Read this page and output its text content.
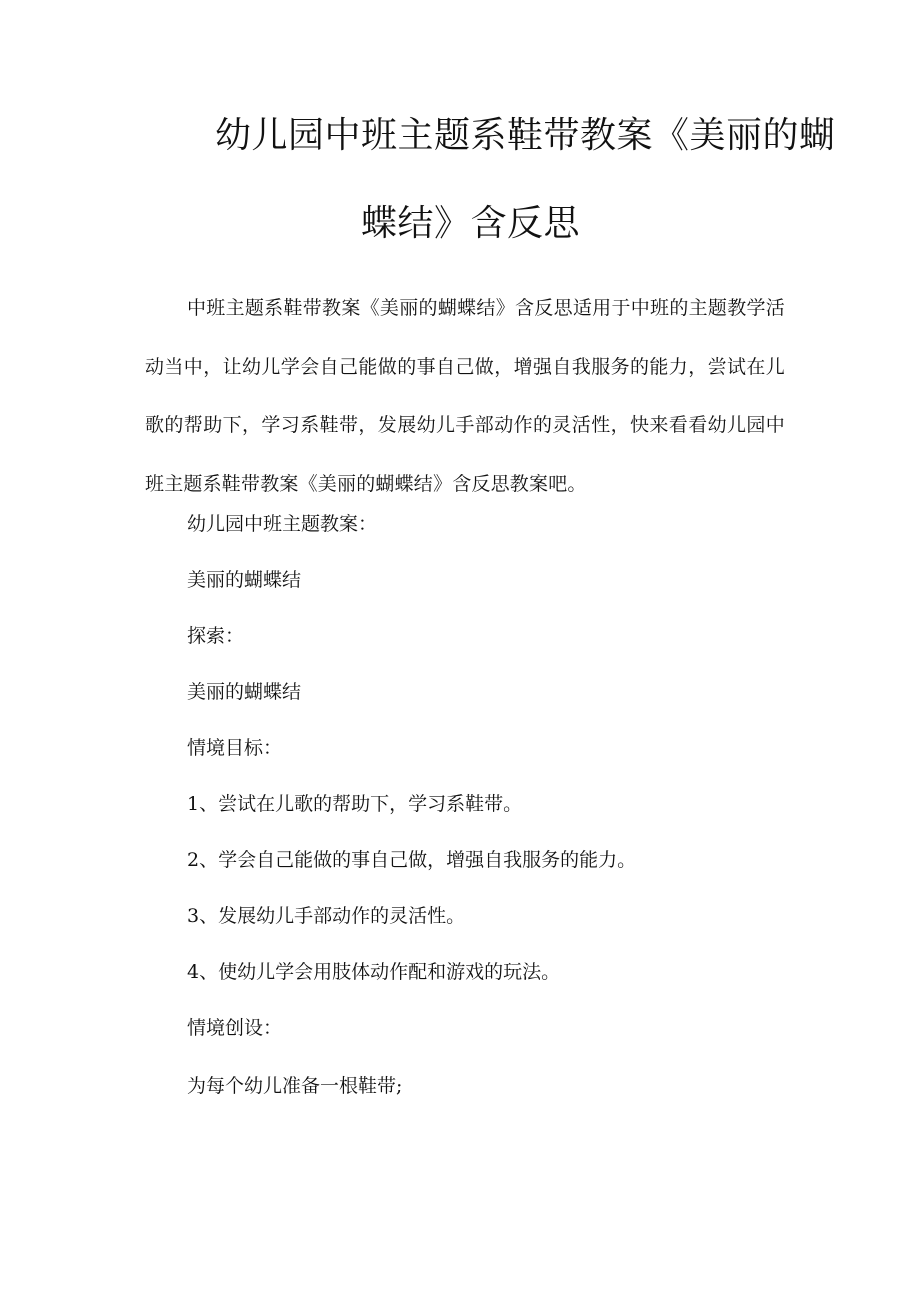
幼儿园中班主题系鞋带教案《美丽的蝴
蝶结》含反思
中班主题系鞋带教案《美丽的蝴蝶结》含反思适用于中班的主题教学活动当中，让幼儿学会自己能做的事自己做，增强自我服务的能力，尝试在儿歌的帮助下，学习系鞋带，发展幼儿手部动作的灵活性，快来看看幼儿园中班主题系鞋带教案《美丽的蝴蝶结》含反思教案吧。
幼儿园中班主题教案：
美丽的蝴蝶结
探索：
美丽的蝴蝶结
情境目标：
1、尝试在儿歌的帮助下，学习系鞋带。
2、学会自己能做的事自己做，增强自我服务的能力。
3、发展幼儿手部动作的灵活性。
4、使幼儿学会用肢体动作配和游戏的玩法。
情境创设：
为每个幼儿准备一根鞋带;
